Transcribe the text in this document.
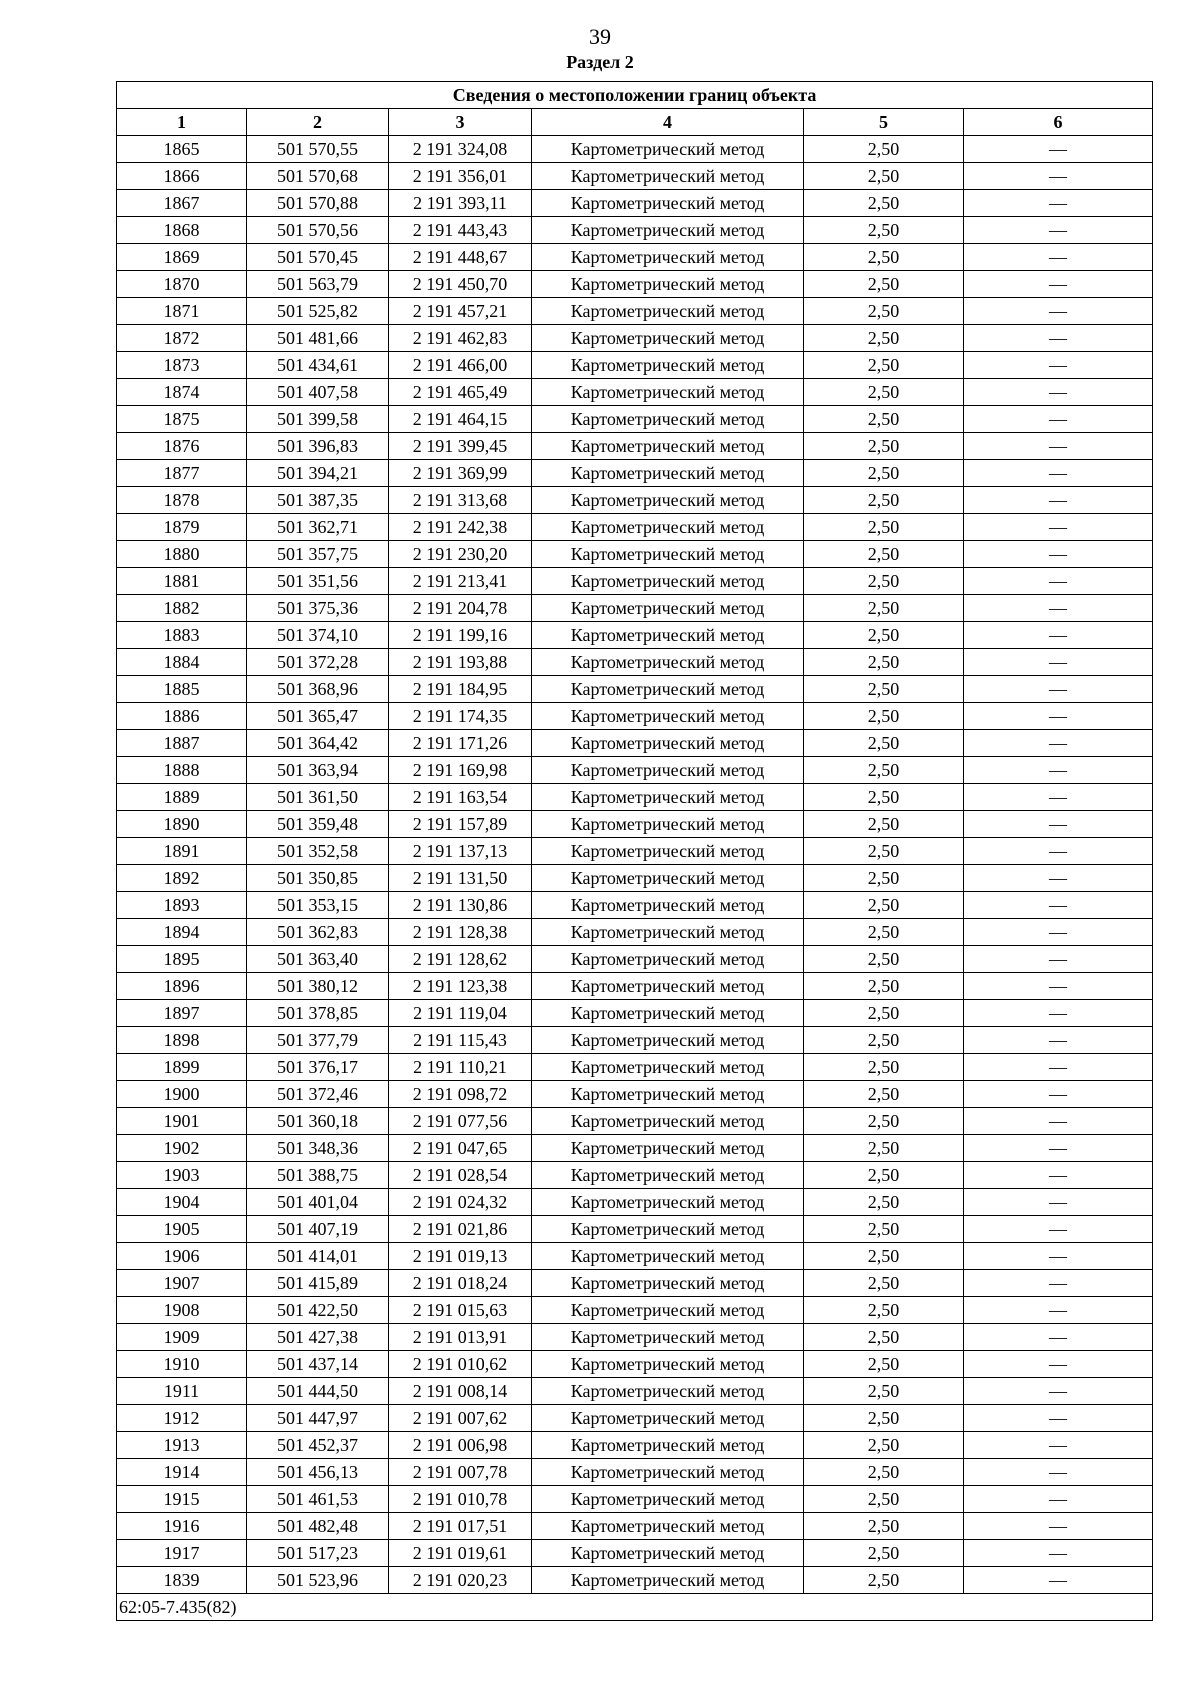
39
Раздел 2
Сведения о местоположении границ объекта					
1	2	3	4	5	6
1865	501 570,55	2 191 324,08	Картометрический метод	2,50	—
1866	501 570,68	2 191 356,01	Картометрический метод	2,50	—
1867	501 570,88	2 191 393,11	Картометрический метод	2,50	—
1868	501 570,56	2 191 443,43	Картометрический метод	2,50	—
1869	501 570,45	2 191 448,67	Картометрический метод	2,50	—
1870	501 563,79	2 191 450,70	Картометрический метод	2,50	—
1871	501 525,82	2 191 457,21	Картометрический метод	2,50	—
1872	501 481,66	2 191 462,83	Картометрический метод	2,50	—
1873	501 434,61	2 191 466,00	Картометрический метод	2,50	—
1874	501 407,58	2 191 465,49	Картометрический метод	2,50	—
1875	501 399,58	2 191 464,15	Картометрический метод	2,50	—
1876	501 396,83	2 191 399,45	Картометрический метод	2,50	—
1877	501 394,21	2 191 369,99	Картометрический метод	2,50	—
1878	501 387,35	2 191 313,68	Картометрический метод	2,50	—
1879	501 362,71	2 191 242,38	Картометрический метод	2,50	—
1880	501 357,75	2 191 230,20	Картометрический метод	2,50	—
1881	501 351,56	2 191 213,41	Картометрический метод	2,50	—
1882	501 375,36	2 191 204,78	Картометрический метод	2,50	—
1883	501 374,10	2 191 199,16	Картометрический метод	2,50	—
1884	501 372,28	2 191 193,88	Картометрический метод	2,50	—
1885	501 368,96	2 191 184,95	Картометрический метод	2,50	—
1886	501 365,47	2 191 174,35	Картометрический метод	2,50	—
1887	501 364,42	2 191 171,26	Картометрический метод	2,50	—
1888	501 363,94	2 191 169,98	Картометрический метод	2,50	—
1889	501 361,50	2 191 163,54	Картометрический метод	2,50	—
1890	501 359,48	2 191 157,89	Картометрический метод	2,50	—
1891	501 352,58	2 191 137,13	Картометрический метод	2,50	—
1892	501 350,85	2 191 131,50	Картометрический метод	2,50	—
1893	501 353,15	2 191 130,86	Картометрический метод	2,50	—
1894	501 362,83	2 191 128,38	Картометрический метод	2,50	—
1895	501 363,40	2 191 128,62	Картометрический метод	2,50	—
1896	501 380,12	2 191 123,38	Картометрический метод	2,50	—
1897	501 378,85	2 191 119,04	Картометрический метод	2,50	—
1898	501 377,79	2 191 115,43	Картометрический метод	2,50	—
1899	501 376,17	2 191 110,21	Картометрический метод	2,50	—
1900	501 372,46	2 191 098,72	Картометрический метод	2,50	—
1901	501 360,18	2 191 077,56	Картометрический метод	2,50	—
1902	501 348,36	2 191 047,65	Картометрический метод	2,50	—
1903	501 388,75	2 191 028,54	Картометрический метод	2,50	—
1904	501 401,04	2 191 024,32	Картометрический метод	2,50	—
1905	501 407,19	2 191 021,86	Картометрический метод	2,50	—
1906	501 414,01	2 191 019,13	Картометрический метод	2,50	—
1907	501 415,89	2 191 018,24	Картометрический метод	2,50	—
1908	501 422,50	2 191 015,63	Картометрический метод	2,50	—
1909	501 427,38	2 191 013,91	Картометрический метод	2,50	—
1910	501 437,14	2 191 010,62	Картометрический метод	2,50	—
1911	501 444,50	2 191 008,14	Картометрический метод	2,50	—
1912	501 447,97	2 191 007,62	Картометрический метод	2,50	—
1913	501 452,37	2 191 006,98	Картометрический метод	2,50	—
1914	501 456,13	2 191 007,78	Картометрический метод	2,50	—
1915	501 461,53	2 191 010,78	Картометрический метод	2,50	—
1916	501 482,48	2 191 017,51	Картометрический метод	2,50	—
1917	501 517,23	2 191 019,61	Картометрический метод	2,50	—
1839	501 523,96	2 191 020,23	Картометрический метод	2,50	—
62:05-7.435(82)					
